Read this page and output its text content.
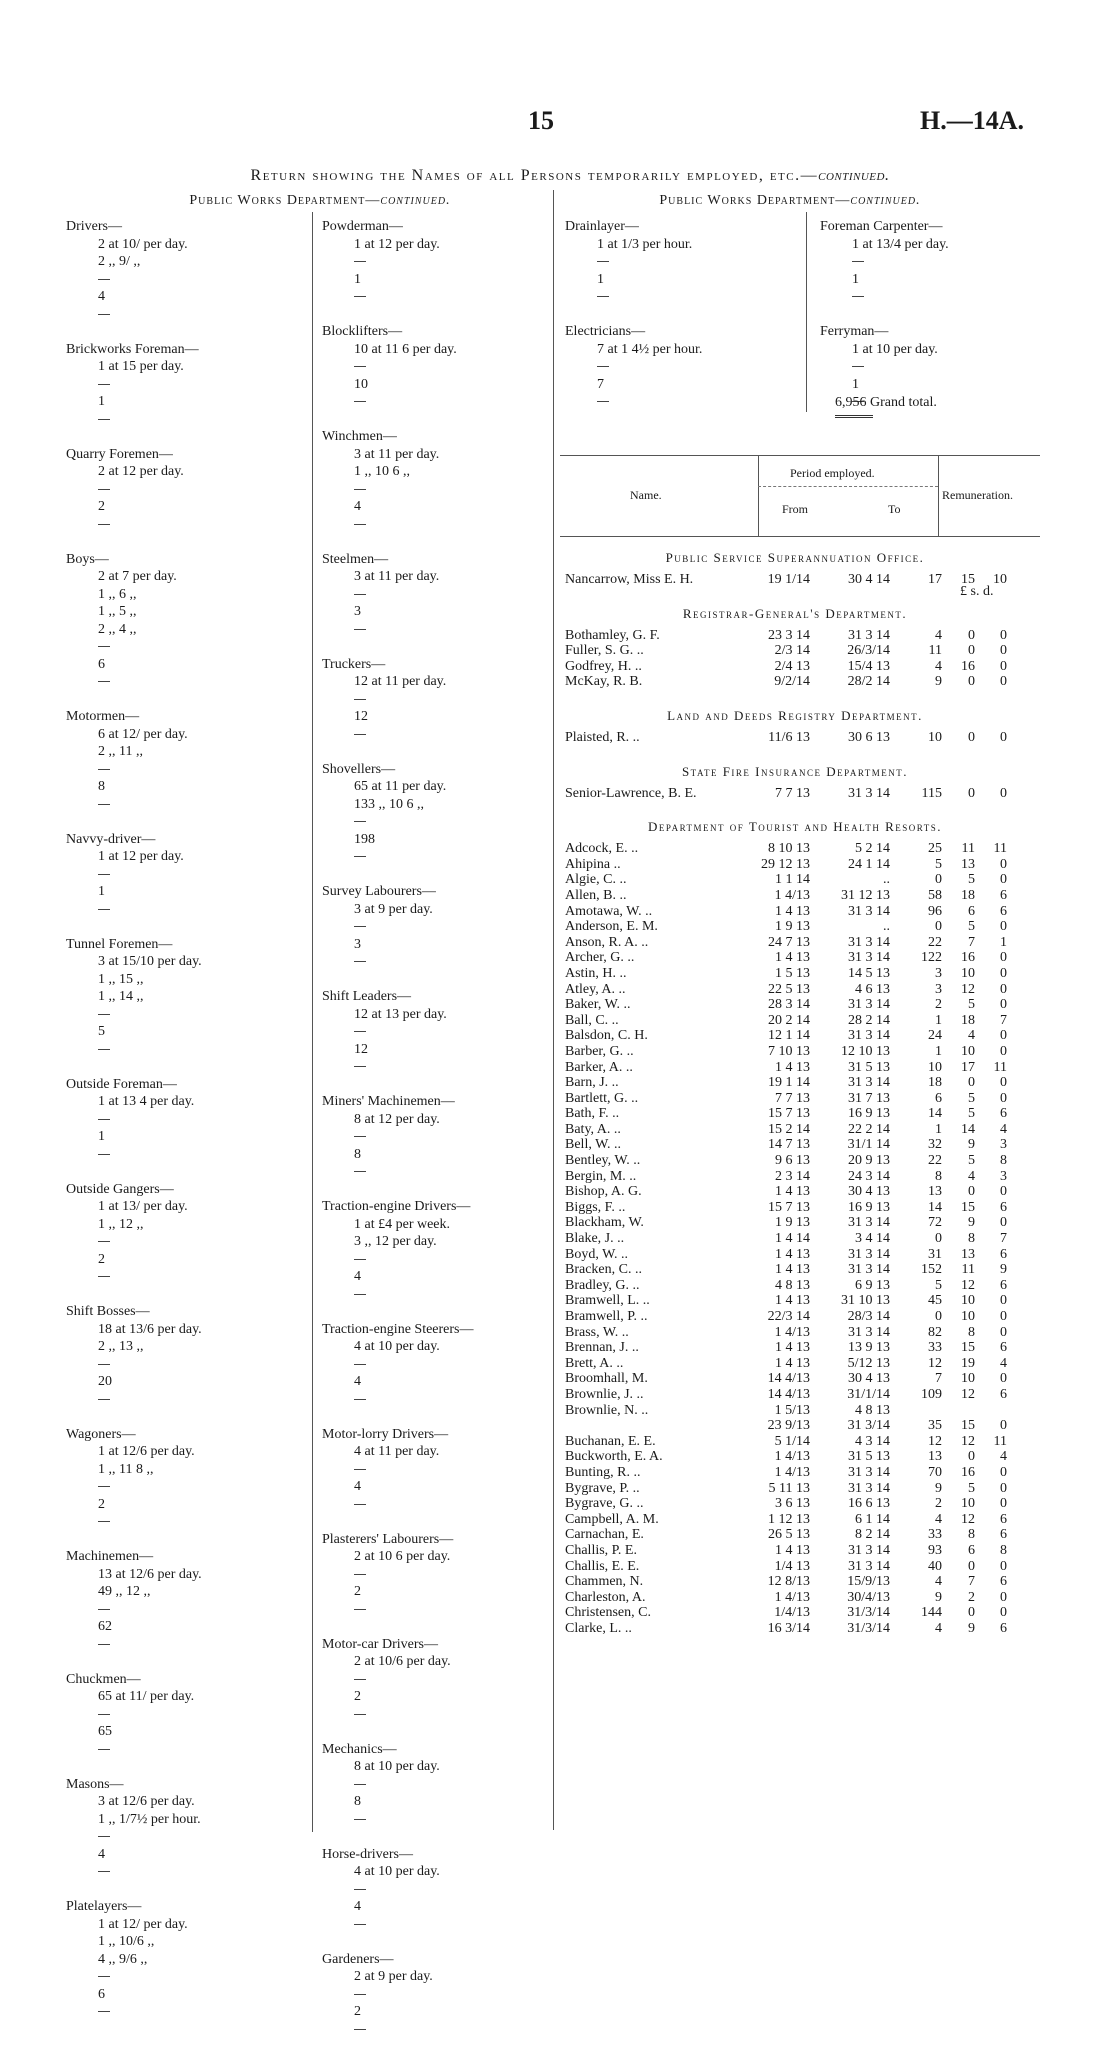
15	H.—14A.
Return showing the Names of all Persons temporarily employed, etc.—continued.
Public Works Department—continued.	Public Works Department—continued.
Drivers—
2 at 10/ per day.
2 ,, 9/ ,,
4
Brickworks Foreman—
1 at 15 per day.
1
Quarry Foremen—
2 at 12 per day.
2
Boys—
2 at 7 per day.
1 ,, 6 ,,
1 ,, 5 ,,
2 ,, 4 ,,
6
Motormen—
6 at 12/ per day.
2 ,, 11 ,,
8
Navvy-driver—
1 at 12 per day.
1
Tunnel Foremen—
3 at 15/10 per day.
1 ,, 15 ,,
1 ,, 14 ,,
5
Outside Foreman—
1 at 13 4 per day.
1
Outside Gangers—
1 at 13/ per day.
1 ,, 12 ,,
2
Shift Bosses—
18 at 13/6 per day.
2 ,, 13 ,,
20
Wagoners—
1 at 12/6 per day.
1 ,, 11 8 ,,
2
Machinemen—
13 at 12/6 per day.
49 ,, 12 ,,
62
Chuckmen—
65 at 11/ per day.
65
Masons—
3 at 12/6 per day.
1 ,, 1/7½ per hour.
4
Platelayers—
1 at 12/ per day.
1 ,, 10/6 ,,
4 ,, 9/6 ,,
6
Powderman—
1 at 12 per day.
1
Blocklifters—
10 at 11 6 per day.
10
Winchmen—
3 at 11 per day.
1 ,, 10 6 ,,
4
Steelmen—
3 at 11 per day.
3
Truckers—
12 at 11 per day.
12
Shovellers—
65 at 11 per day.
133 ,, 10 6 ,,
198
Survey Labourers—
3 at 9 per day.
3
Shift Leaders—
12 at 13 per day.
12
Miners' Machinemen—
8 at 12 per day.
8
Traction-engine Drivers—
1 at £4 per week.
3 ,, 12 per day.
4
Traction-engine Steerers—
4 at 10 per day.
4
Motor-lorry Drivers—
4 at 11 per day.
4
Plasterers' Labourers—
2 at 10 6 per day.
2
Motor-car Drivers—
2 at 10/6 per day.
2
Mechanics—
8 at 10 per day.
8
Horse-drivers—
4 at 10 per day.
4
Gardeners—
2 at 9 per day.
2
Drainlayer—
1 at 1/3 per hour.
1
Electricians—
7 at 1 4½ per hour.
7
Foreman Carpenter—
1 at 13/4 per day.
1
Ferryman—
1 at 10 per day.
1
6,956 Grand total.
Name.
Period employed.
From	To
Remuneration.
Public Service Superannuation Office.
Nancarrow, Miss E. H.	19 1/14	30 4 14	17	15	10
Registrar-General's Department.
Bothamley, G. F.	23 3 14	31 3 14	4	0	0
Fuller, S. G. ..	2/3 14	26/3/14	11	0	0
Godfrey, H. ..	2/4 13	15/4 13	4	16	0
McKay, R. B.	9/2/14	28/2 14	9	0	0
Land and Deeds Registry Department.
Plaisted, R. ..	11/6 13	30 6 13	10	0	0
State Fire Insurance Department.
Senior-Lawrence, B. E.	7 7 13	31 3 14	115	0	0
Department of Tourist and Health Resorts.
Adcock, E. ..	8 10 13	5 2 14	25	11	11
Ahipina ..	29 12 13	24 1 14	5	13	0
Algie, C. ..	1 1 14	..	0	5	0
Allen, B. ..	1 4/13	31 12 13	58	18	6
Amotawa, W. ..	1 4 13	31 3 14	96	6	6
Anderson, E. M.	1 9 13	..	0	5	0
Anson, R. A. ..	24 7 13	31 3 14	22	7	1
Archer, G. ..	1 4 13	31 3 14	122	16	0
Astin, H. ..	1 5 13	14 5 13	3	10	0
Atley, A. ..	22 5 13	4 6 13	3	12	0
Baker, W. ..	28 3 14	31 3 14	2	5	0
Ball, C. ..	20 2 14	28 2 14	1	18	7
Balsdon, C. H.	12 1 14	31 3 14	24	4	0
Barber, G. ..	7 10 13	12 10 13	1	10	0
Barker, A. ..	1 4 13	31 5 13	10	17	11
Barn, J. ..	19 1 14	31 3 14	18	0	0
Bartlett, G. ..	7 7 13	31 7 13	6	5	0
Bath, F. ..	15 7 13	16 9 13	14	5	6
Baty, A. ..	15 2 14	22 2 14	1	14	4
Bell, W. ..	14 7 13	31/1 14	32	9	3
Bentley, W. ..	9 6 13	20 9 13	22	5	8
Bergin, M. ..	2 3 14	24 3 14	8	4	3
Bishop, A. G.	1 4 13	30 4 13	13	0	0
Biggs, F. ..	15 7 13	16 9 13	14	15	6
Blackham, W.	1 9 13	31 3 14	72	9	0
Blake, J. ..	1 4 14	3 4 14	0	8	7
Boyd, W. ..	1 4 13	31 3 14	31	13	6
Bracken, C. ..	1 4 13	31 3 14	152	11	9
Bradley, G. ..	4 8 13	6 9 13	5	12	6
Bramwell, L. ..	1 4 13	31 10 13	45	10	0
Bramwell, P. ..	22/3 14	28/3 14	0	10	0
Brass, W. ..	1 4/13	31 3 14	82	8	0
Brennan, J. ..	1 4 13	13 9 13	33	15	6
Brett, A. ..	1 4 13	5/12 13	12	19	4
Broomhall, M.	14 4/13	30 4 13	7	10	0
Brownlie, J. ..	14 4/13	31/1/14	109	12	6
Brownlie, N. ..	1 5/13	4 8 13
23 9/13	31 3/14	35	15	0
Buchanan, E. E.	5 1/14	4 3 14	12	12	11
Buckworth, E. A.	1 4/13	31 5 13	13	0	4
Bunting, R. ..	1 4/13	31 3 14	70	16	0
Bygrave, P. ..	5 11 13	31 3 14	9	5	0
Bygrave, G. ..	3 6 13	16 6 13	2	10	0
Campbell, A. M.	1 12 13	6 1 14	4	12	6
Carnachan, E.	26 5 13	8 2 14	33	8	6
Challis, P. E.	1 4 13	31 3 14	93	6	8
Challis, E. E.	1/4 13	31 3 14	40	0	0
Chammen, N.	12 8/13	15/9/13	4	7	6
Charleston, A.	1 4/13	30/4/13	9	2	0
Christensen, C.	1/4/13	31/3/14	144	0	0
Clarke, L. ..	16 3/14	31/3/14	4	9	6
£ s. d.
